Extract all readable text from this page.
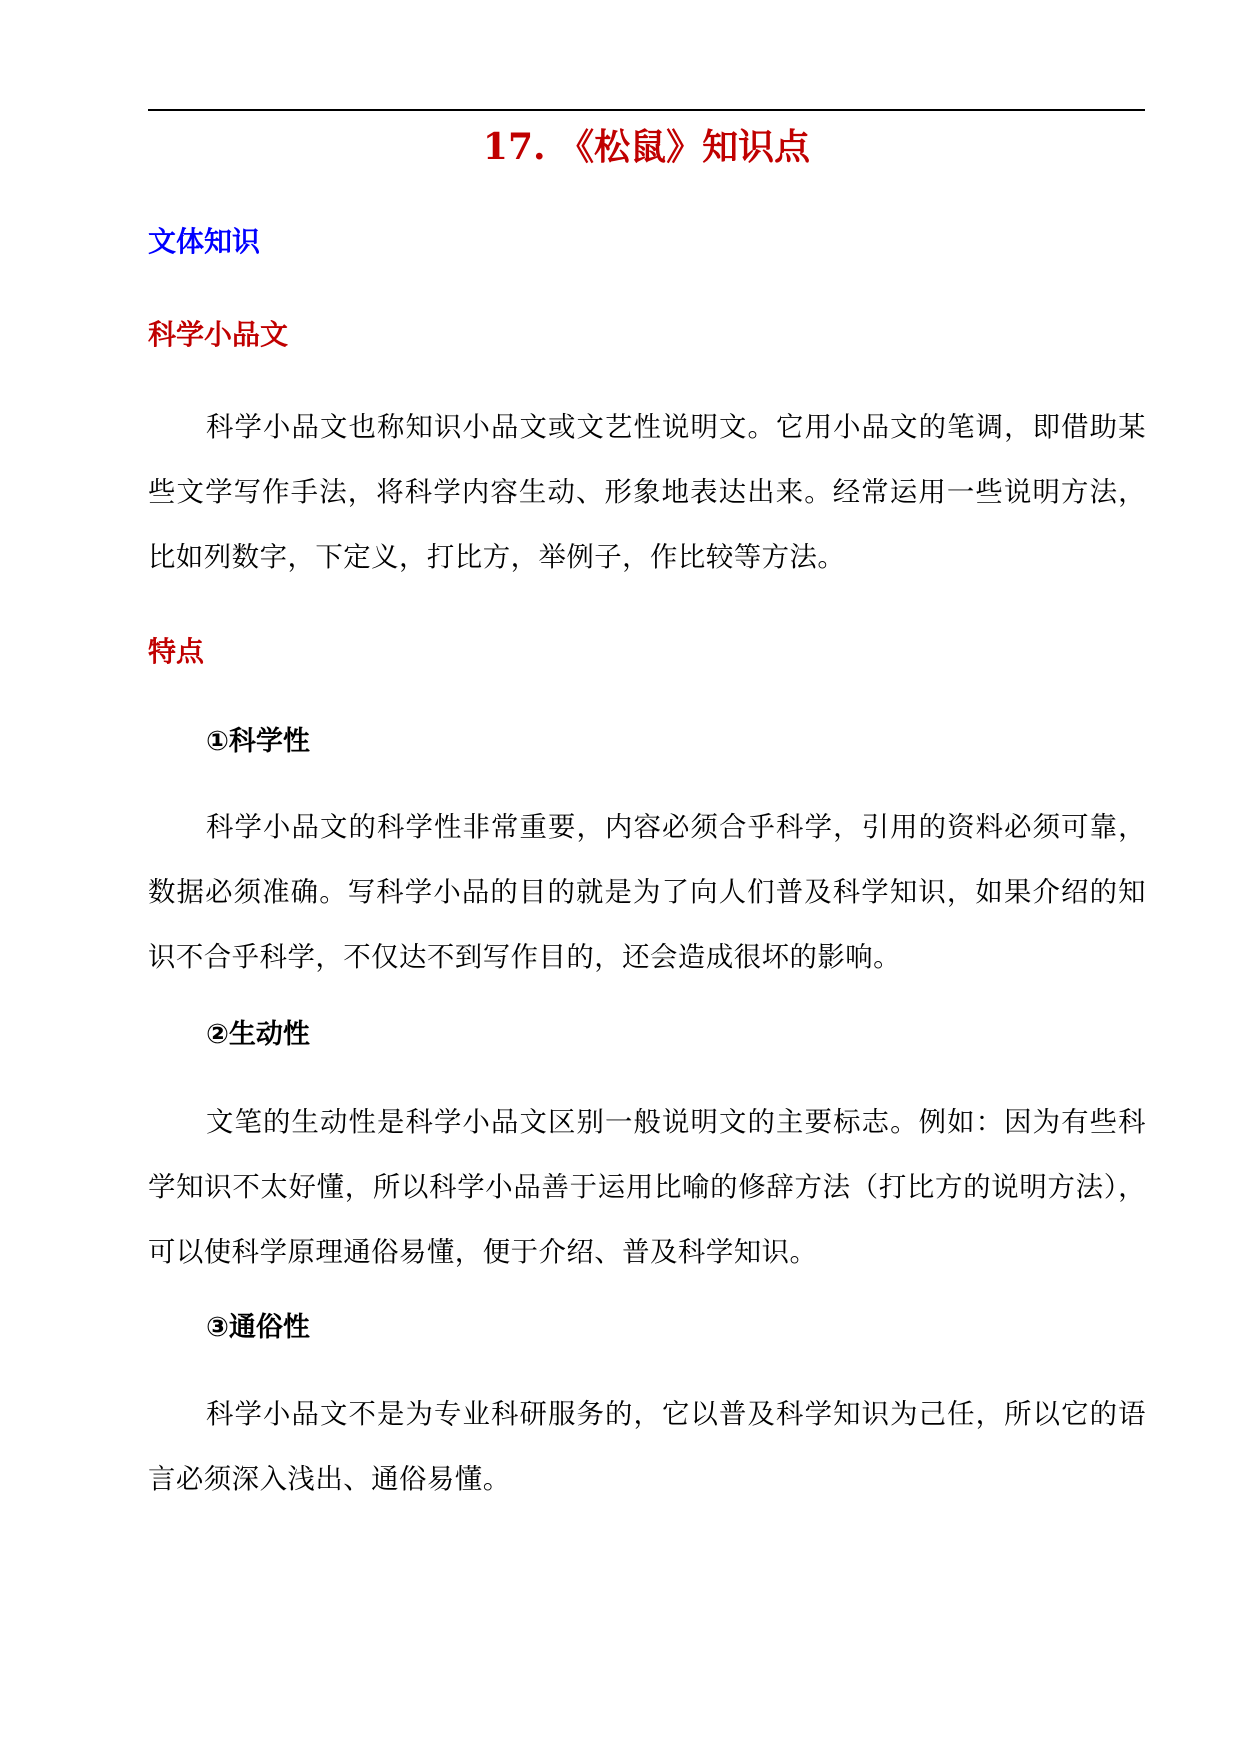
17. 《松鼠》知识点
文体知识
科学小品文
科学小品文也称知识小品文或文艺性说明文。它用小品文的笔调，即借助某些文学写作手法，将科学内容生动、形象地表达出来。经常运用一些说明方法，比如列数字，下定义，打比方，举例子，作比较等方法。
特点
①科学性
科学小品文的科学性非常重要，内容必须合乎科学，引用的资料必须可靠，数据必须准确。写科学小品的目的就是为了向人们普及科学知识，如果介绍的知识不合乎科学，不仅达不到写作目的，还会造成很坏的影响。
②生动性
文笔的生动性是科学小品文区别一般说明文的主要标志。例如：因为有些科学知识不太好懂，所以科学小品善于运用比喻的修辞方法（打比方的说明方法），可以使科学原理通俗易懂，便于介绍、普及科学知识。
③通俗性
科学小品文不是为专业科研服务的，它以普及科学知识为己任，所以它的语言必须深入浅出、通俗易懂。
